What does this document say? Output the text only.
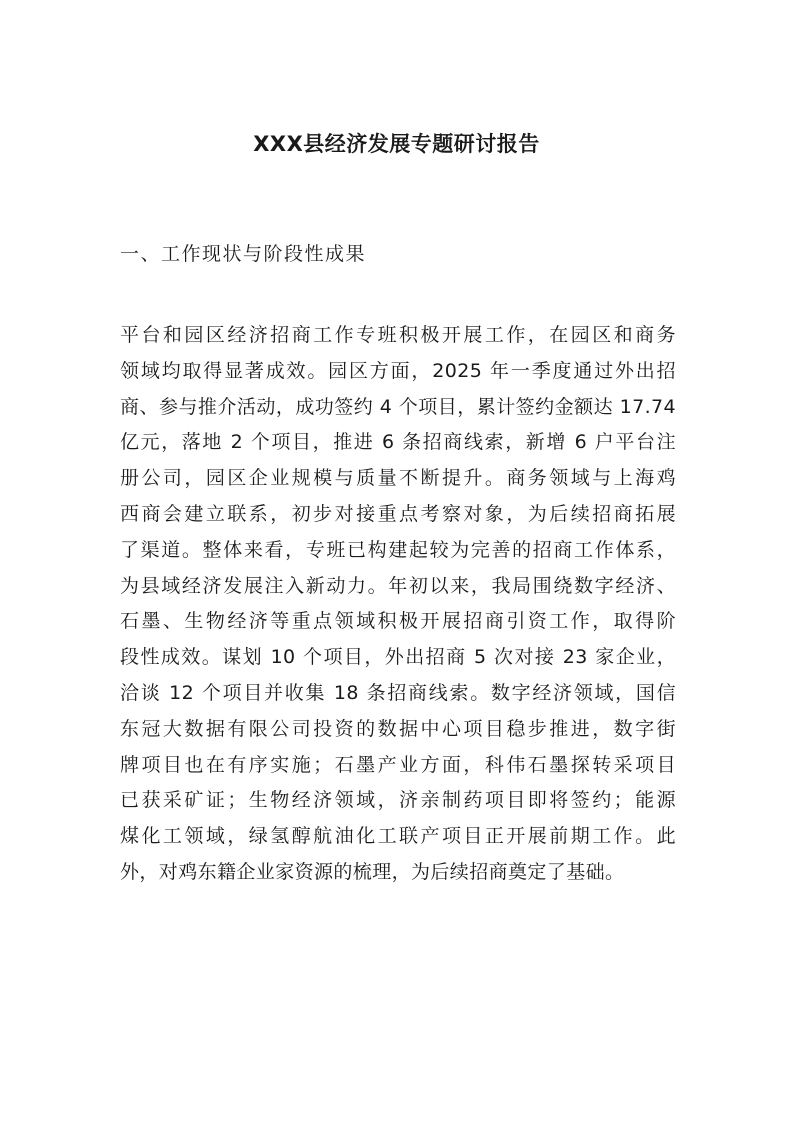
XXX县经济发展专题研讨报告
一、工作现状与阶段性成果
平台和园区经济招商工作专班积极开展工作，在园区和商务
领域均取得显著成效。园区方面，2025 年一季度通过外出招
商、参与推介活动，成功签约 4 个项目，累计签约金额达 17.74
亿元，落地 2 个项目，推进 6 条招商线索，新增 6 户平台注
册公司，园区企业规模与质量不断提升。商务领域与上海鸡
西商会建立联系，初步对接重点考察对象，为后续招商拓展
了渠道。整体来看，专班已构建起较为完善的招商工作体系，
为县域经济发展注入新动力。年初以来，我局围绕数字经济、
石墨、生物经济等重点领域积极开展招商引资工作，取得阶
段性成效。谋划 10 个项目，外出招商 5 次对接 23 家企业，
洽谈 12 个项目并收集 18 条招商线索。数字经济领域，国信
东冠大数据有限公司投资的数据中心项目稳步推进，数字街
牌项目也在有序实施；石墨产业方面，科伟石墨探转采项目
已获采矿证；生物经济领域，济亲制药项目即将签约；能源
煤化工领域，绿氢醇航油化工联产项目正开展前期工作。此
外，对鸡东籍企业家资源的梳理，为后续招商奠定了基础。
